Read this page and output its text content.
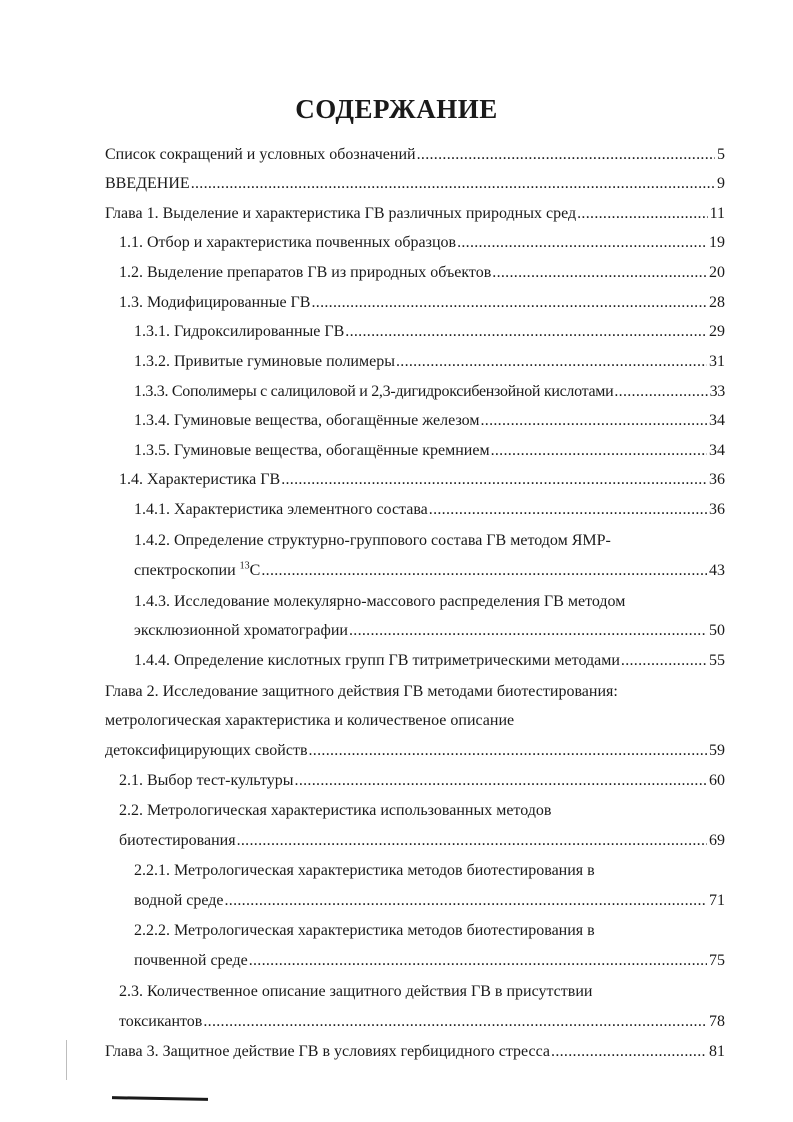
СОДЕРЖАНИЕ
Список сокращений и условных обозначений .....	5
ВВЕДЕНИЕ .....	9
Глава 1. Выделение и характеристика ГВ различных природных сред .....	11
1.1. Отбор и характеристика почвенных образцов .....	19
1.2. Выделение препаратов ГВ из природных объектов .....	20
1.3. Модифицированные ГВ .....	28
1.3.1. Гидроксилированные ГВ .....	29
1.3.2. Привитые гуминовые полимеры .....	31
1.3.3. Сополимеры с салициловой и 2,3-дигидроксибензойной кислотами .....	33
1.3.4. Гуминовые вещества, обогащённые железом .....	34
1.3.5. Гуминовые вещества, обогащённые кремнием .....	34
1.4. Характеристика ГВ .....	36
1.4.1. Характеристика элементного состава .....	36
1.4.2. Определение структурно-группового состава ГВ методом ЯМР-
спектроскопии $^{13}$С .....	43
1.4.3. Исследование молекулярно-массового распределения ГВ методом
эксклюзионной хроматографии .....	50
1.4.4. Определение кислотных групп ГВ титриметрическими методами .....	55
Глава 2. Исследование защитного действия ГВ методами биотестирования:
метрологическая характеристика и количественое описание
детоксифицирующих свойств .....	59
2.1. Выбор тест-культуры .....	60
2.2. Метрологическая характеристика использованных методов
биотестирования .....	69
2.2.1. Метрологическая характеристика методов биотестирования в
водной среде .....	71
2.2.2. Метрологическая характеристика методов биотестирования в
почвенной среде .....	75
2.3. Количественное описание защитного действия ГВ в присутствии
токсикантов .....	78
Глава 3. Защитное действие ГВ в условиях гербицидного стресса .....	81
